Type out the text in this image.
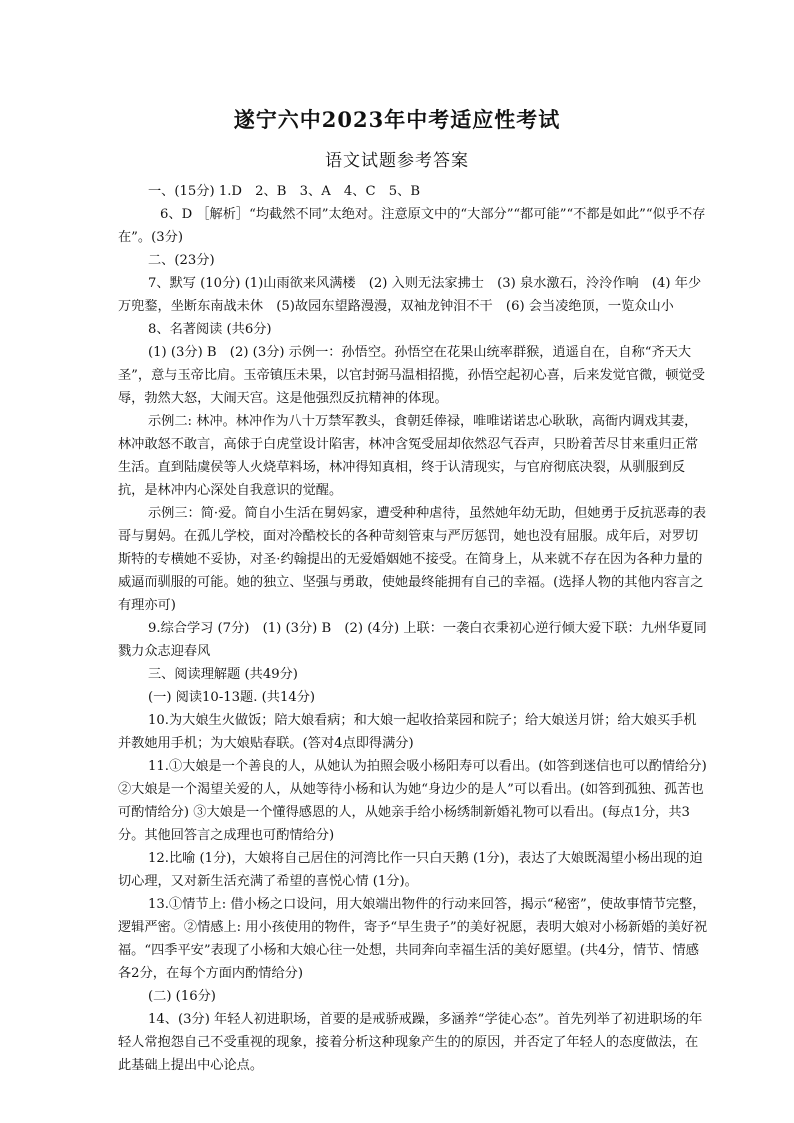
遂宁六中2023年中考适应性考试
语文试题参考答案

一、(15分) 1.D　2、B　3、A　4、C　5、B

6、D ［解析］“均截然不同”太绝对。注意原文中的“大部分”“都可能”“不都是如此”“似乎不存在”。(3分)

二、(23分)

7、默写 (10分) (1)山雨欲来风满楼　(2) 入则无法家拂士　(3) 泉水激石，泠泠作响　(4) 年少万兜鍪，坐断东南战未休　(5)故园东望路漫漫，双袖龙钟泪不干　(6) 会当凌绝顶，一览众山小

8、名著阅读 (共6分)

(1) (3分) B　(2) (3分) 示例一：孙悟空。孙悟空在花果山统率群猴，逍遥自在，自称“齐天大圣”，意与玉帝比肩。玉帝镇压未果，以官封弼马温相招揽，孙悟空起初心喜，后来发觉官微，顿觉受辱，勃然大怒，大闹天宫。这是他强烈反抗精神的体现。

示例二: 林冲。林冲作为八十万禁军教头，食朝廷俸禄，唯唯诺诺忠心耿耿，高衙内调戏其妻，林冲敢怒不敢言，高俅于白虎堂设计陷害，林冲含冤受屈却依然忍气吞声，只盼着苦尽甘来重归正常生活。直到陆虞侯等人火烧草料场，林冲得知真相，终于认清现实，与官府彻底决裂，从驯服到反抗，是林冲内心深处自我意识的觉醒。

示例三：简·爱。简自小生活在舅妈家，遭受种种虐待，虽然她年幼无助，但她勇于反抗恶毒的表哥与舅妈。在孤儿学校，面对冷酷校长的各种苛刻管束与严厉惩罚，她也没有屈服。成年后，对罗切斯特的专横她不妥协，对圣·约翰提出的无爱婚姻她不接受。在简身上，从来就不存在因为各种力量的威逼而驯服的可能。她的独立、坚强与勇敢，使她最终能拥有自己的幸福。(选择人物的其他内容言之有理亦可)

9.综合学习 (7分)　(1) (3分) B　(2) (4分) 上联：一袭白衣秉初心逆行倾大爱下联：九州华夏同戮力众志迎春风

三、阅读理解题 (共49分)

(一) 阅读10-13题. (共14分)

10.为大娘生火做饭；陪大娘看病；和大娘一起收拾菜园和院子；给大娘送月饼；给大娘买手机并教她用手机；为大娘贴春联。(答对4点即得满分)

11.①大娘是一个善良的人，从她认为拍照会吸小杨阳寿可以看出。(如答到迷信也可以酌情给分) ②大娘是一个渴望关爱的人，从她等待小杨和认为她“身边少的是人”可以看出。(如答到孤独、孤苦也可酌情给分) ③大娘是一个懂得感恩的人，从她亲手给小杨绣制新婚礼物可以看出。(每点1分，共3分。其他回答言之成理也可酌情给分)

12.比喻 (1分)，大娘将自己居住的河湾比作一只白天鹅 (1分)，表达了大娘既渴望小杨出现的迫切心理，又对新生活充满了希望的喜悦心情 (1分)。

13.①情节上: 借小杨之口设问，用大娘端出物件的行动来回答，揭示“秘密”，使故事情节完整，逻辑严密。②情感上: 用小孩使用的物件，寄予“早生贵子”的美好祝愿，表明大娘对小杨新婚的美好祝福。“四季平安”表现了小杨和大娘心往一处想，共同奔向幸福生活的美好愿望。(共4分，情节、情感各2分，在每个方面内酌情给分)

(二) (16分)

14、(3分) 年轻人初进职场，首要的是戒骄戒躁，多涵养“学徒心态”。首先列举了初进职场的年轻人常抱怨自己不受重视的现象，接着分析这种现象产生的的原因，并否定了年轻人的态度做法，在此基础上提出中心论点。
